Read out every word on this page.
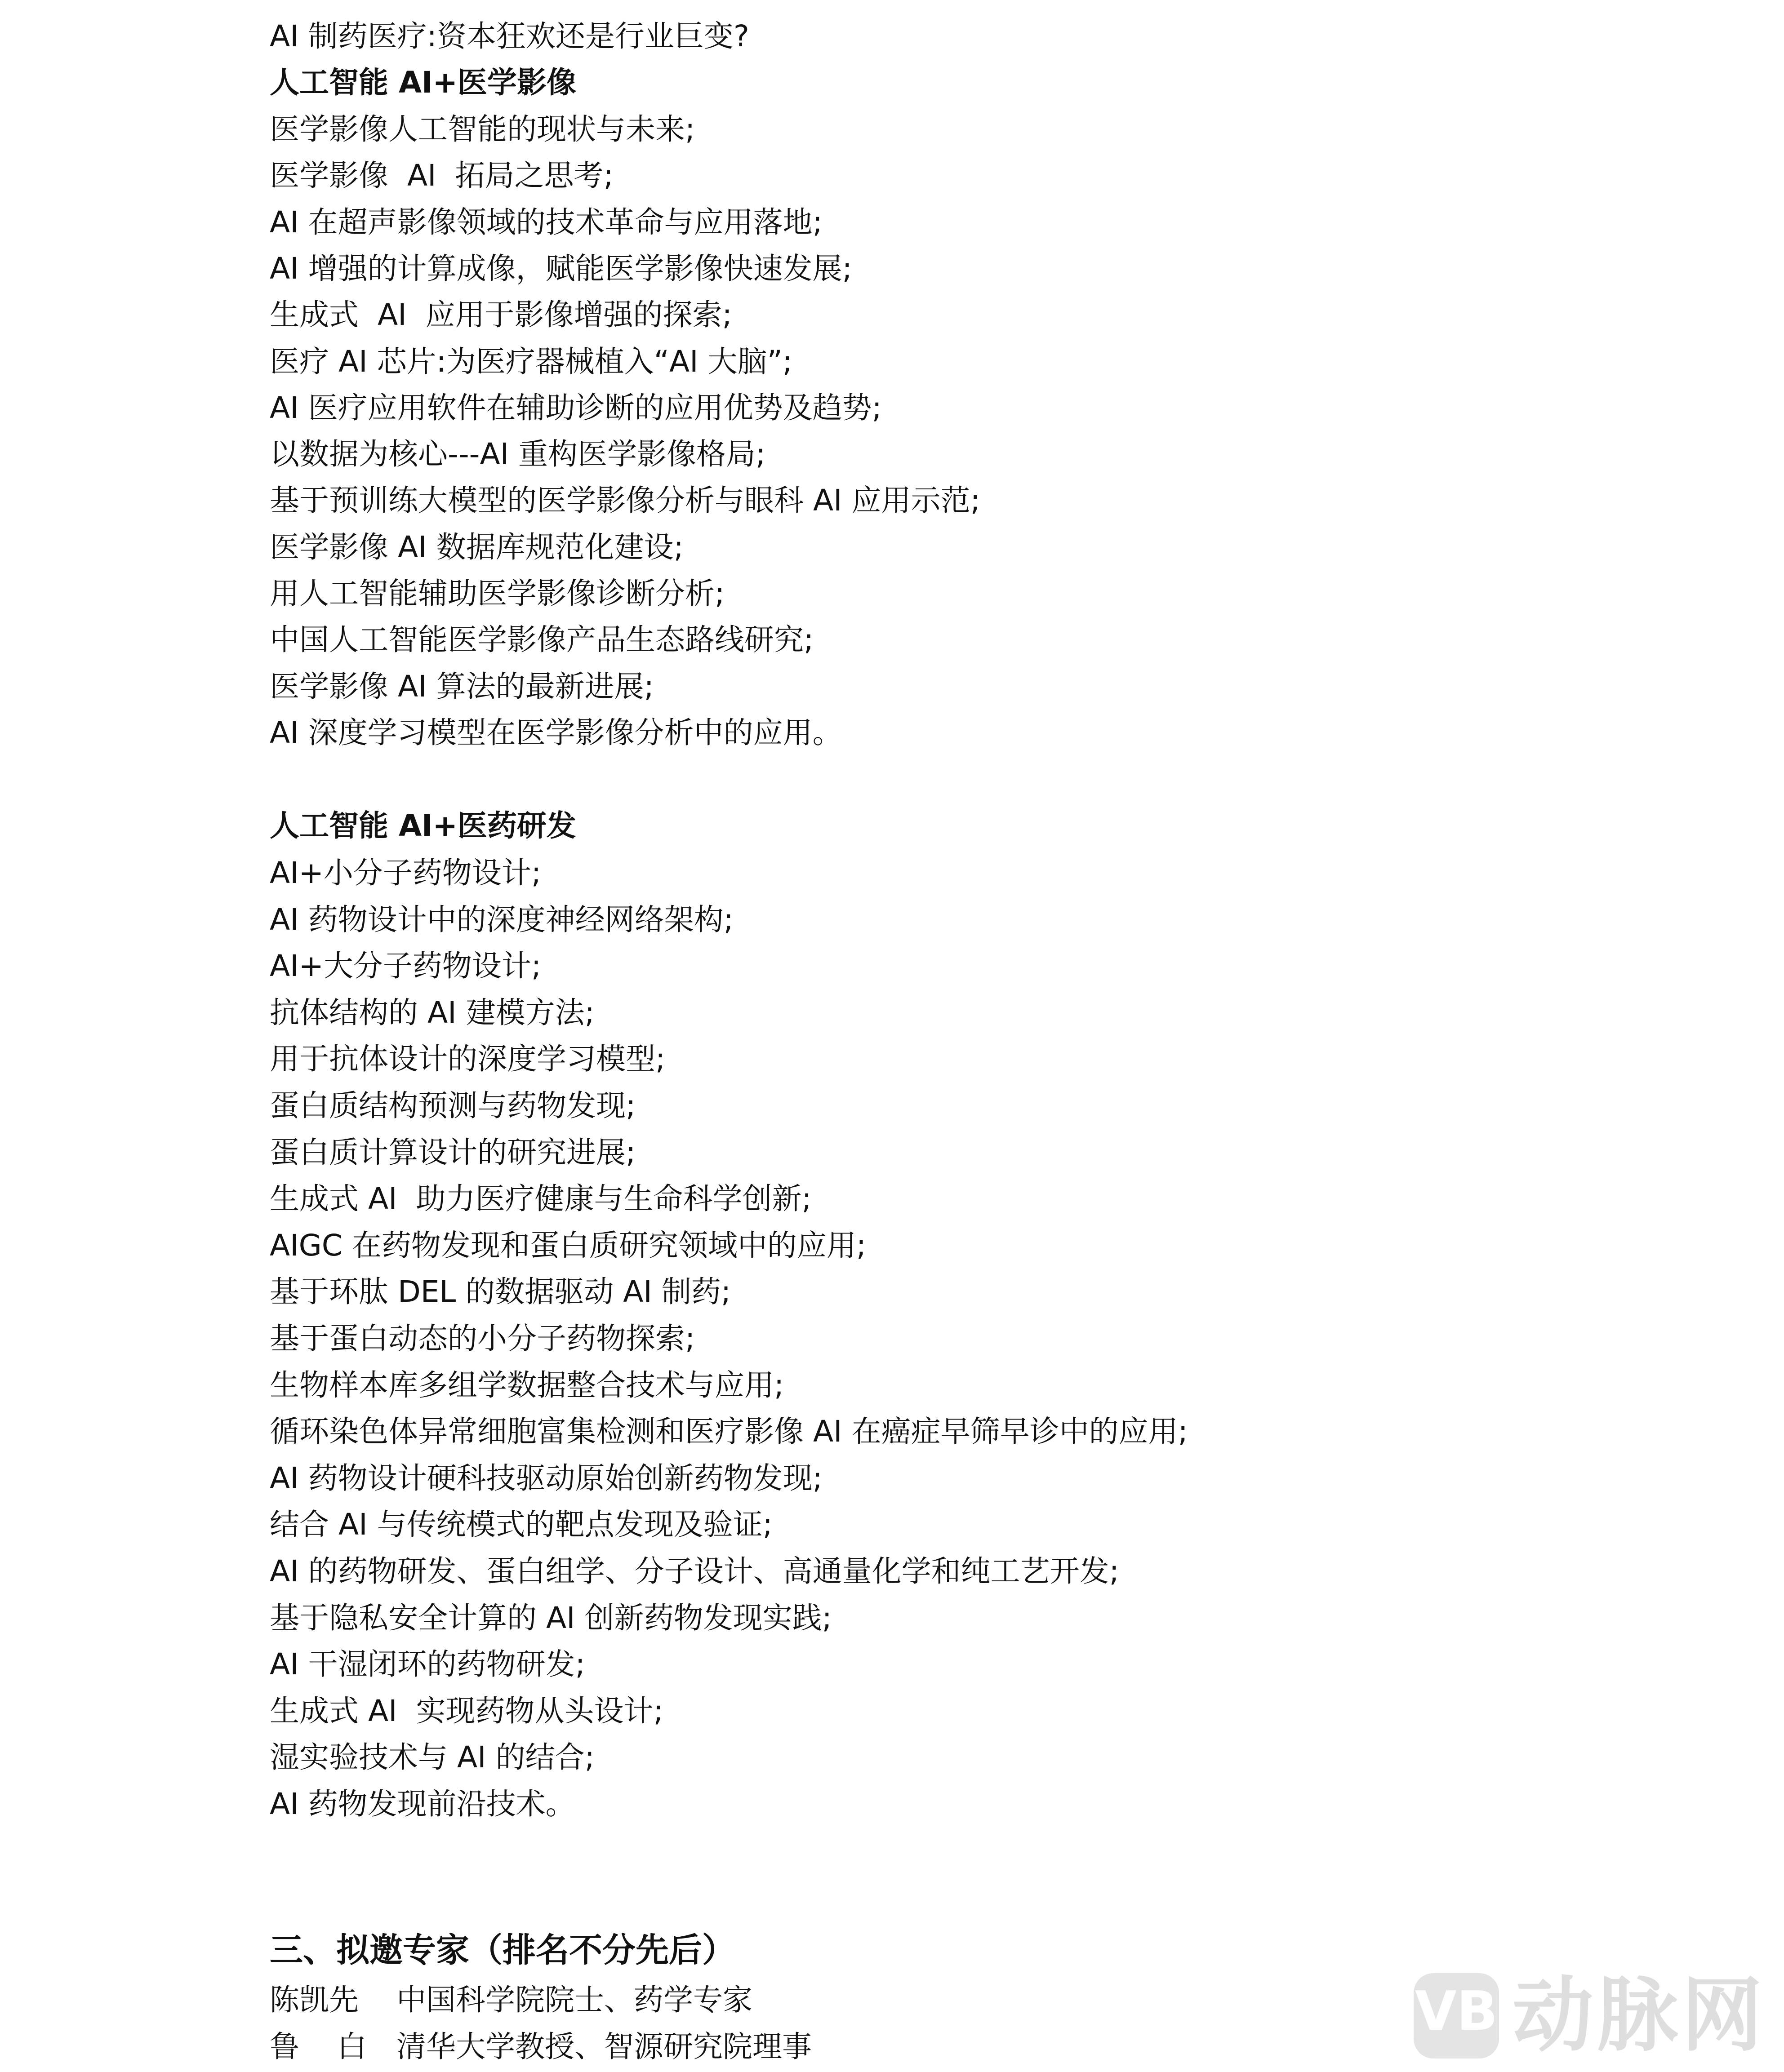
AI 制药医疗:资本狂欢还是行业巨变?
人工智能 AI+医学影像
医学影像人工智能的现状与未来;
医学影像  AI  拓局之思考;
AI 在超声影像领域的技术革命与应用落地;
AI 增强的计算成像，赋能医学影像快速发展;
生成式  AI  应用于影像增强的探索;
医疗 AI 芯片:为医疗器械植入“AI 大脑”;
AI 医疗应用软件在辅助诊断的应用优势及趋势;
以数据为核心---AI 重构医学影像格局;
基于预训练大模型的医学影像分析与眼科 AI 应用示范;
医学影像 AI 数据库规范化建设;
用人工智能辅助医学影像诊断分析;
中国人工智能医学影像产品生态路线研究;
医学影像 AI 算法的最新进展;
AI 深度学习模型在医学影像分析中的应用。
人工智能 AI+医药研发
AI+小分子药物设计;
AI 药物设计中的深度神经网络架构;
AI+大分子药物设计;
抗体结构的 AI 建模方法;
用于抗体设计的深度学习模型;
蛋白质结构预测与药物发现;
蛋白质计算设计的研究进展;
生成式 AI  助力医疗健康与生命科学创新;
AIGC 在药物发现和蛋白质研究领域中的应用;
基于环肽 DEL 的数据驱动 AI 制药;
基于蛋白动态的小分子药物探索;
生物样本库多组学数据整合技术与应用;
循环染色体异常细胞富集检测和医疗影像 AI 在癌症早筛早诊中的应用;
AI 药物设计硬科技驱动原始创新药物发现;
结合 AI 与传统模式的靶点发现及验证;
AI 的药物研发、蛋白组学、分子设计、高通量化学和纯工艺开发;
基于隐私安全计算的 AI 创新药物发现实践;
AI 干湿闭环的药物研发;
生成式 AI  实现药物从头设计;
湿实验技术与 AI 的结合;
AI 药物发现前沿技术。
三、拟邀专家（排名不分先后）
陈凯先 中国科学院院士、药学专家
鲁    白 清华大学教授、智源研究院理事
VB 动脉网
